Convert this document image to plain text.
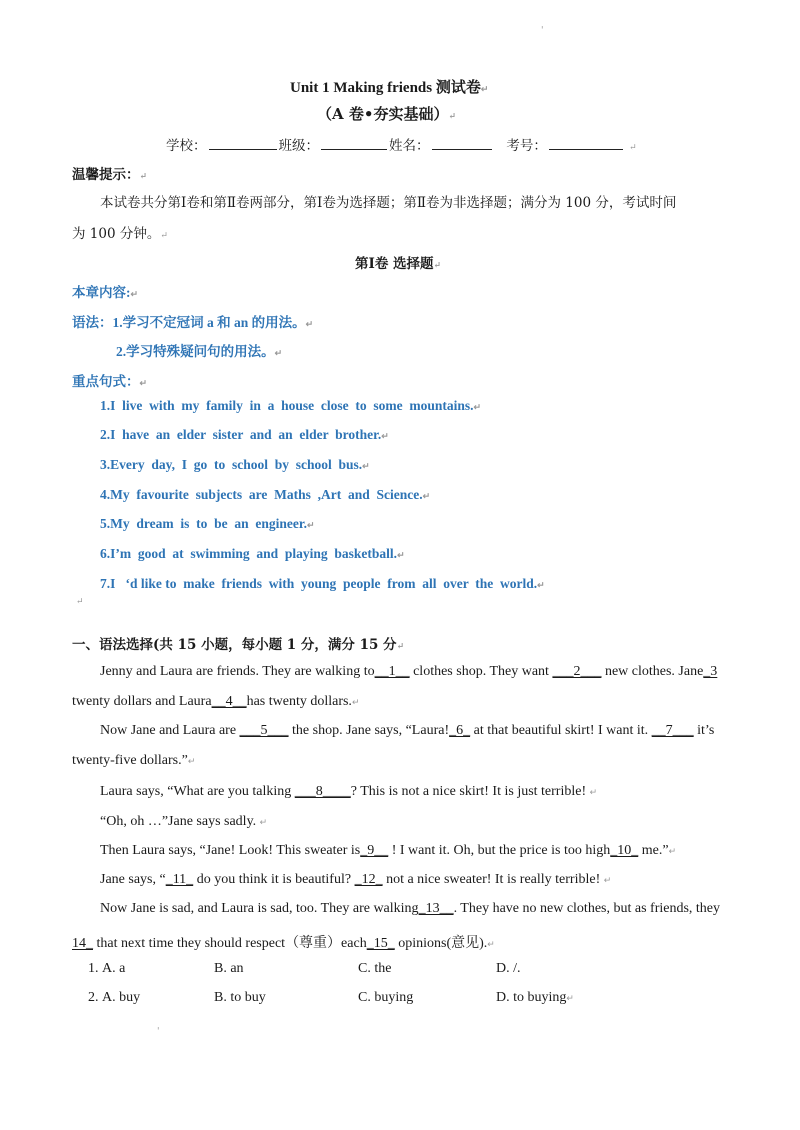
'
Unit 1 Making friends 测试卷↵
（A 卷•夯实基础）↵
学校：	班级：	姓名：	考号：	↵
温馨提示：↵
本试卷共分第Ⅰ卷和第Ⅱ卷两部分，第Ⅰ卷为选择题；第Ⅱ卷为非选择题；满分为 100 分，考试时间
为 100 分钟。↵
第Ⅰ卷 选择题↵
本章内容:↵
语法：1.学习不定冠词 a 和 an 的用法。↵
2.学习特殊疑问句的用法。↵
重点句式：↵
1.I  live  with  my  family  in  a  house  close  to  some  mountains.↵
2.I  have  an  elder  sister  and  an  elder  brother.↵
3.Every  day,  I  go  to  school  by  school  bus.↵
4.My  favourite  subjects  are  Maths  ,Art  and  Science.↵
5.My  dream  is  to  be  an  engineer.↵
6.I’m  good  at  swimming  and  playing  basketball.↵
7.I   ‘d like to  make  friends  with  young  people  from  all  over  the  world.↵
↵
一、语法选择(共 15 小题，每小题 1 分，满分 15 分↵
Jenny and Laura are friends. They are walking to__1__ clothes shop. They want ___2___ new clothes. Jane_3
twenty dollars and Laura__4__has twenty dollars.↵
Now Jane and Laura are ___5___ the shop. Jane says, “Laura!_6_ at that beautiful skirt! I want it. __7___ it’s
twenty-five dollars.”↵
Laura says, “What are you talking ___8____? This is not a nice skirt! It is just terrible! ↵
“Oh, oh …”Jane says sadly. ↵
Then Laura says, “Jane! Look! This sweater is_9__ ! I want it. Oh, but the price is too high_10_ me.”↵
Jane says, “_11_ do you think it is beautiful? _12_ not a nice sweater! It is really terrible! ↵
Now Jane is sad, and Laura is sad, too. They are walking_13__. They have no new clothes, but as friends, they
14_ that next time they should respect（尊重）each_15_ opinions(意见).↵
1. A. a	B. an	C. the	D. /.
2. A. buy	B. to buy	C. buying	D. to buying↵
'
